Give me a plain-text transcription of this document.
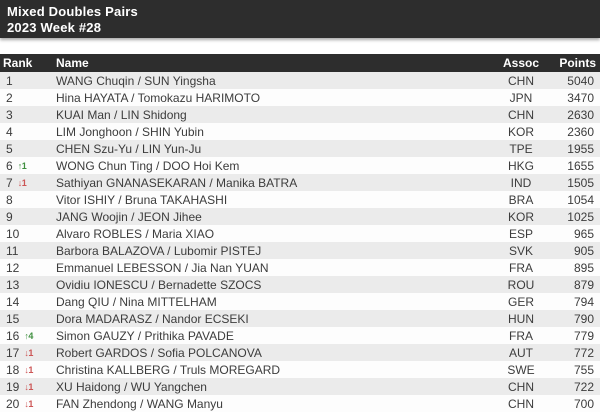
Mixed Doubles Pairs
2023 Week #28
Rank	Name	Assoc	Points
1	WANG Chuqin / SUN Yingsha	CHN	5040
2	Hina HAYATA / Tomokazu HARIMOTO	JPN	3470
3	KUAI Man / LIN Shidong	CHN	2630
4	LIM Jonghoon / SHIN Yubin	KOR	2360
5	CHEN Szu-Yu / LIN Yun-Ju	TPE	1955
6 ↑1	WONG Chun Ting / DOO Hoi Kem	HKG	1655
7 ↓1	Sathiyan GNANASEKARAN / Manika BATRA	IND	1505
8	Vitor ISHIY / Bruna TAKAHASHI	BRA	1054
9	JANG Woojin / JEON Jihee	KOR	1025
10	Alvaro ROBLES / Maria XIAO	ESP	965
11	Barbora BALAZOVA / Lubomir PISTEJ	SVK	905
12	Emmanuel LEBESSON / Jia Nan YUAN	FRA	895
13	Ovidiu IONESCU / Bernadette SZOCS	ROU	879
14	Dang QIU / Nina MITTELHAM	GER	794
15	Dora MADARASZ / Nandor ECSEKI	HUN	790
16 ↑4	Simon GAUZY / Prithika PAVADE	FRA	779
17 ↓1	Robert GARDOS / Sofia POLCANOVA	AUT	772
18 ↓1	Christina KALLBERG / Truls MOREGARD	SWE	755
19 ↓1	XU Haidong / WU Yangchen	CHN	722
20 ↓1	FAN Zhendong / WANG Manyu	CHN	700
